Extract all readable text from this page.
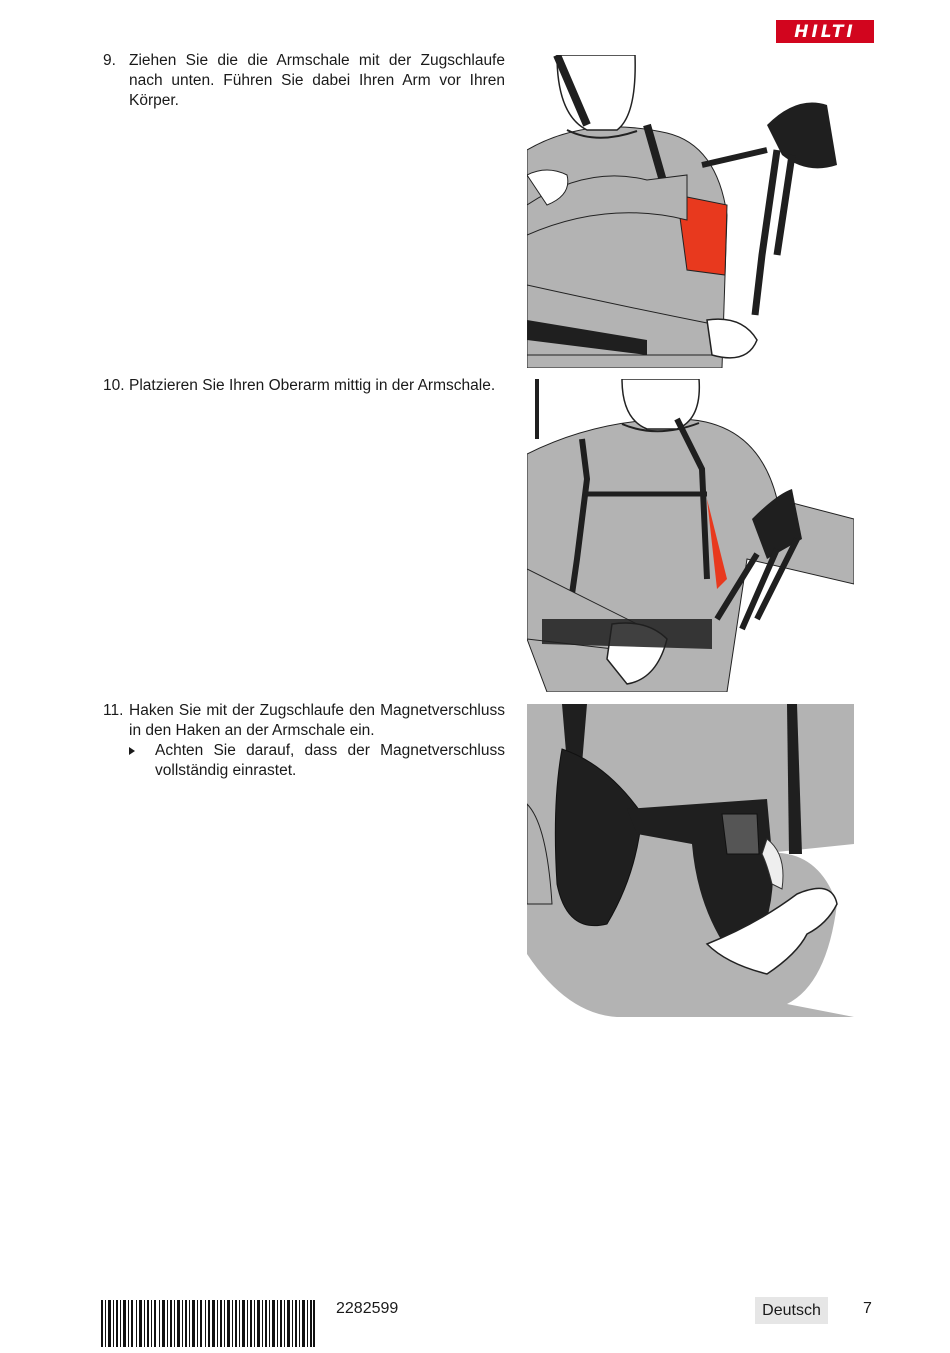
HILTI
9. Ziehen Sie die die Armschale mit der Zugschlaufe nach unten. Führen Sie dabei Ihren Arm vor Ihren Körper.
10. Platzieren Sie Ihren Oberarm mittig in der Armschale.
11. Haken Sie mit der Zugschlaufe den Magnetverschluss in den Haken an der Armschale ein.
Achten Sie darauf, dass der Magnetverschluss vollständig einrastet.
2282599	Deutsch	7
